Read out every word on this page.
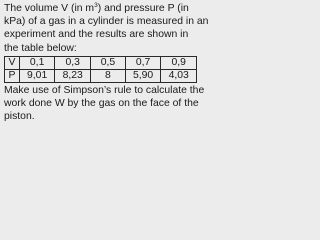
The volume V (in $m^3$) and pressure P (in

kPa) of a gas in a cylinder is measured in an

experiment and the results are shown in

the table below:

V	0,1	0,3	0,5	0,7	0,9
P	9,01	8,23	8	5,90	4,03

Make use of Simpson’s rule to calculate the

work done W by the gas on the face of the

piston.
